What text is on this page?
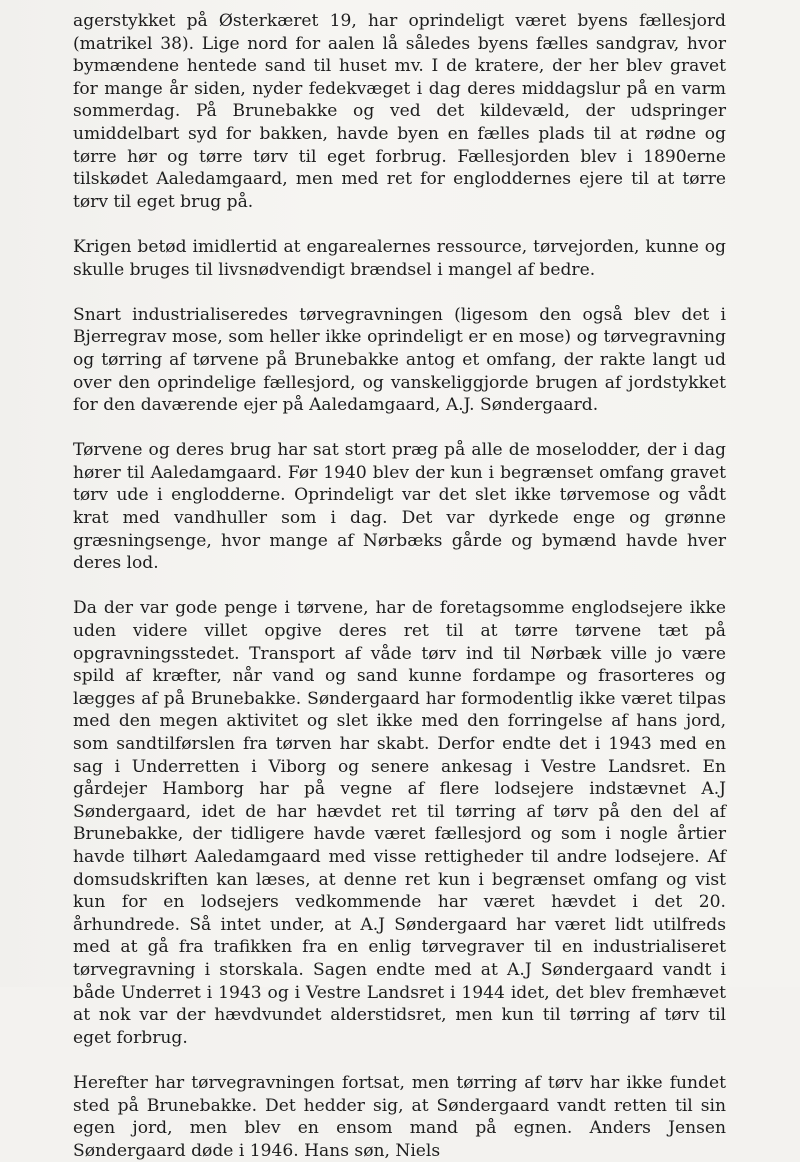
agerstykket på Østerkæret 19, har oprindeligt været byens fællesjord (matrikel 38). Lige nord for aalen lå således byens fælles sandgrav, hvor bymændene hentede sand til huset mv. I de kratere, der her blev gravet for mange år siden, nyder fedekvæget i dag deres middagslur på en varm sommerdag. På Brunebakke og ved det kildevæld, der udspringer umiddelbart syd for bakken, havde byen en fælles plads til at rødne og tørre hør og tørre tørv til eget forbrug. Fællesjorden blev i 1890erne tilskødet Aaledamgaard, men med ret for engloddernes ejere til at tørre tørv til eget brug på.

Krigen betød imidlertid at engarealernes ressource, tørvejorden, kunne og skulle bruges til livsnødvendigt brændsel i mangel af bedre.

Snart industrialiseredes tørvegravningen (ligesom den også blev det i Bjerregrav mose, som heller ikke oprindeligt er en mose) og tørvegravning og tørring af tørvene på Brunebakke antog et omfang, der rakte langt ud over den oprindelige fællesjord, og vanskeliggjorde brugen af jordstykket for den daværende ejer på Aaledamgaard, A.J. Søndergaard.

Tørvene og deres brug har sat stort præg på alle de moselodder, der i dag hører til Aaledamgaard. Før 1940 blev der kun i begrænset omfang gravet tørv ude i englodderne. Oprindeligt var det slet ikke tørvemose og vådt krat med vandhuller som i dag. Det var dyrkede enge og grønne græsningsenge, hvor mange af Nørbæks gårde og bymænd havde hver deres lod.

Da der var gode penge i tørvene, har de foretagsomme englodsejere ikke uden videre villet opgive deres ret til at tørre tørvene tæt på opgravningsstedet. Transport af våde tørv ind til Nørbæk ville jo være spild af kræfter, når vand og sand kunne fordampe og frasorteres og lægges af på Brunebakke. Søndergaard har formodentlig ikke været tilpas med den megen aktivitet og slet ikke med den forringelse af hans jord, som sandtilførslen fra tørven har skabt. Derfor endte det i 1943 med en sag i Underretten i Viborg og senere ankesag i Vestre Landsret. En gårdejer Hamborg har på vegne af flere lodsejere indstævnet A.J Søndergaard, idet de har hævdet ret til tørring af tørv på den del af Brunebakke, der tidligere havde været fællesjord og som i nogle årtier havde tilhørt Aaledamgaard med visse rettigheder til andre lodsejere. Af domsudskriften kan læses, at denne ret kun i begrænset omfang og vist kun for en lodsejers vedkommende har været hævdet i det 20. århundrede. Så intet under, at A.J Søndergaard har været lidt utilfreds med at gå fra trafikken fra en enlig tørvegraver til en industrialiseret tørvegravning i storskala. Sagen endte med at A.J Søndergaard vandt i både Underret i 1943 og i Vestre Landsret i 1944 idet, det blev fremhævet at nok var der hævdvundet alderstidsret, men kun til tørring af tørv til eget forbrug.

Herefter har tørvegravningen fortsat, men tørring af tørv har ikke fundet sted på Brunebakke. Det hedder sig, at Søndergaard vandt retten til sin egen jord, men blev en ensom mand på egnen. Anders Jensen Søndergaard døde i 1946. Hans søn, Niels
